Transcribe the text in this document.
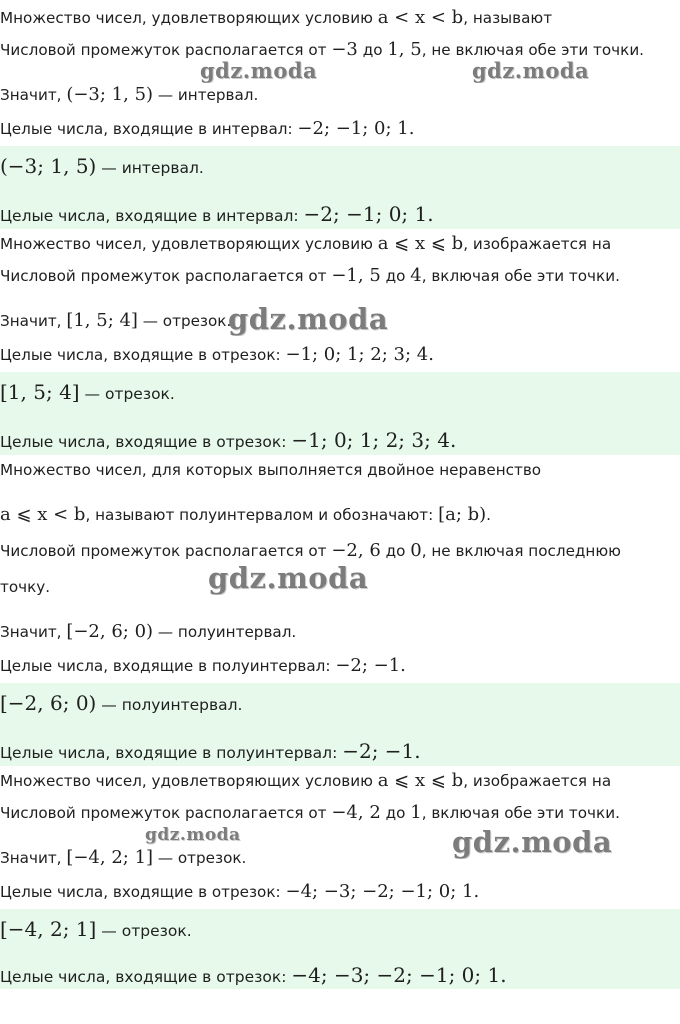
Множество чисел, удовлетворяющих условию a < x < b, называют
Числовой промежуток располагается от −3 до 1, 5, не включая обе эти точки.
Значит, (−3; 1, 5) — интервал.
Целые числа, входящие в интервал: −2; −1; 0; 1.
(−3; 1, 5) — интервал.
Целые числа, входящие в интервал: −2; −1; 0; 1.
Множество чисел, удовлетворяющих условию a ⩽ x ⩽ b, изображается на
Числовой промежуток располагается от −1, 5 до 4, включая обе эти точки.
Значит, [1, 5; 4] — отрезок.
Целые числа, входящие в отрезок: −1; 0; 1; 2; 3; 4.
[1, 5; 4] — отрезок.
Целые числа, входящие в отрезок: −1; 0; 1; 2; 3; 4.
Множество чисел, для которых выполняется двойное неравенство
a ⩽ x < b, называют полуинтервалом и обозначают: [a; b).
Числовой промежуток располагается от −2, 6 до 0, не включая последнюю
точку.
Значит, [−2, 6; 0) — полуинтервал.
Целые числа, входящие в полуинтервал: −2; −1.
[−2, 6; 0) — полуинтервал.
Целые числа, входящие в полуинтервал: −2; −1.
Множество чисел, удовлетворяющих условию a ⩽ x ⩽ b, изображается на
Числовой промежуток располагается от −4, 2 до 1, включая обе эти точки.
Значит, [−4, 2; 1] — отрезок.
Целые числа, входящие в отрезок: −4; −3; −2; −1; 0; 1.
[−4, 2; 1] — отрезок.
Целые числа, входящие в отрезок: −4; −3; −2; −1; 0; 1.
gdz.moda	gdz.moda
gdz.moda
gdz.moda
gdz.moda	gdz.moda
